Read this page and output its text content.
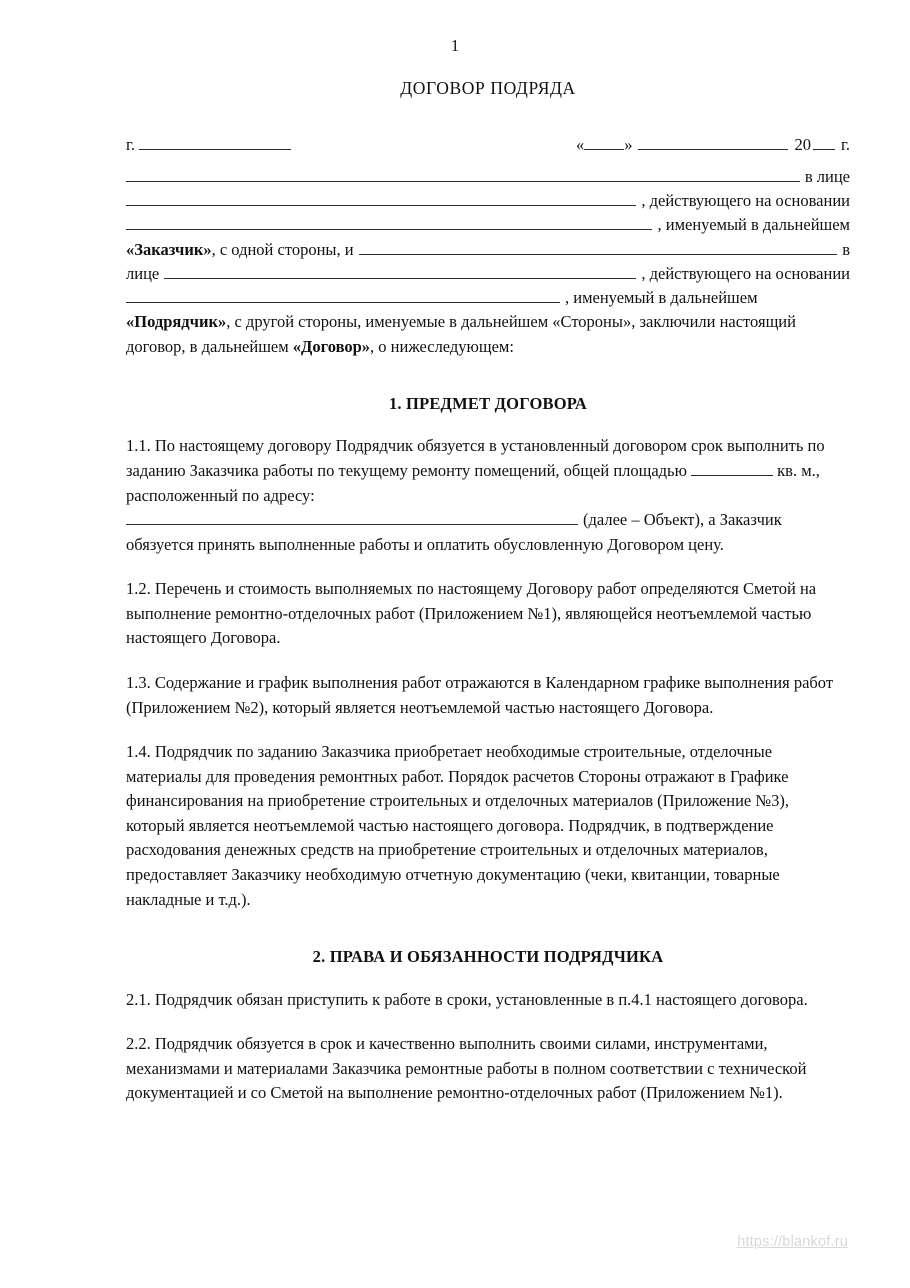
1
ДОГОВОР ПОДРЯДА
г.	« »	20 г.
в лице
, действующего на основании
, именуемый в дальнейшем
«Заказчик», с одной стороны, и	в
лице	, действующего на основании
, именуемый в дальнейшем
«Подрядчик», с другой стороны, именуемые в дальнейшем «Стороны», заключили настоящий договор, в дальнейшем «Договор», о нижеследующем:
1. ПРЕДМЕТ ДОГОВОРА
1.1. По настоящему договору Подрядчик обязуется в установленный договором срок выполнить по заданию Заказчика работы по текущему ремонту помещений, общей площадью	кв. м., расположенный по адресу:
(далее – Объект), а Заказчик
обязуется принять выполненные работы и оплатить обусловленную Договором цену.
1.2. Перечень и стоимость выполняемых по настоящему Договору работ определяются Сметой на выполнение ремонтно-отделочных работ (Приложением №1), являющейся неотъемлемой частью настоящего Договора.
1.3. Содержание и график выполнения работ отражаются в Календарном графике выполнения работ (Приложением №2), который является неотъемлемой частью настоящего Договора.
1.4. Подрядчик по заданию Заказчика приобретает необходимые строительные, отделочные материалы для проведения ремонтных работ. Порядок расчетов Стороны отражают в Графике финансирования на приобретение строительных и отделочных материалов (Приложение №3), который является неотъемлемой частью настоящего договора. Подрядчик, в подтверждение расходования денежных средств на приобретение строительных и отделочных материалов, предоставляет Заказчику необходимую отчетную документацию (чеки, квитанции, товарные накладные и т.д.).
2. ПРАВА И ОБЯЗАННОСТИ ПОДРЯДЧИКА
2.1. Подрядчик обязан приступить к работе в сроки, установленные в п.4.1 настоящего договора.
2.2. Подрядчик обязуется в срок и качественно выполнить своими силами, инструментами, механизмами и материалами Заказчика ремонтные работы в полном соответствии с технической документацией и со Сметой на выполнение ремонтно-отделочных работ (Приложением №1).
https://blankof.ru
